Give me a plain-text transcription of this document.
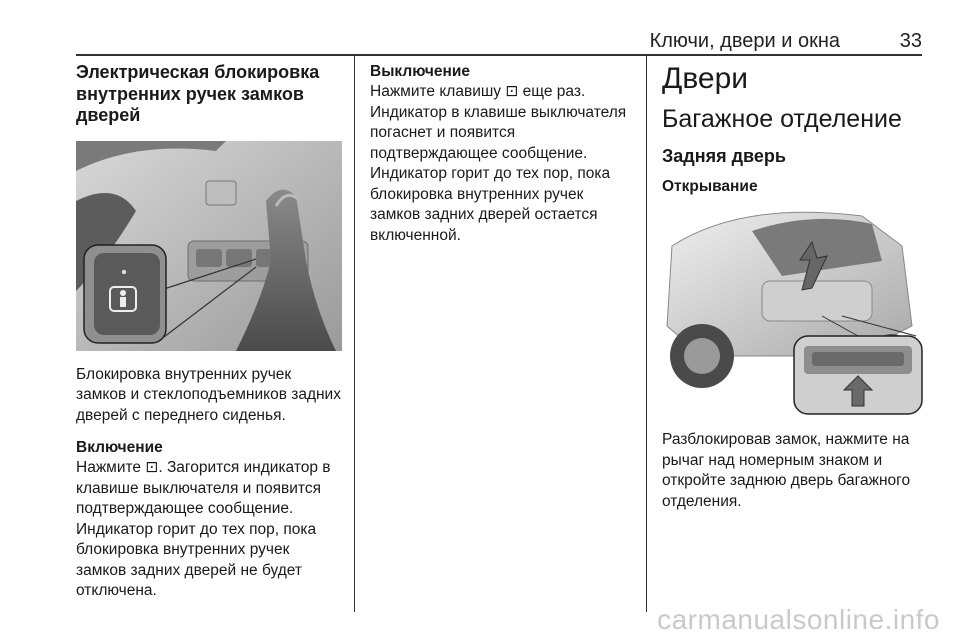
Ключи, двери и окна	33
Электрическая блокировка внутренних ручек замков дверей

Блокировка внутренних ручек замков и стеклоподъемников задних дверей с переднего сиденья.

Включение

Нажмите ⊡. Загорится индикатор в клавише выключателя и появится подтверждающее сообщение. Индикатор горит до тех пор, пока блокировка внутренних ручек замков задних дверей не будет отключена.

Выключение

Нажмите клавишу ⊡ еще раз. Индикатор в клавише выключателя погаснет и появится подтверждающее сообщение. Индикатор горит до тех пор, пока блокировка внутренних ручек замков задних дверей остается включенной.

Двери
Багажное отделение
Задняя дверь
Открывание

Разблокировав замок, нажмите на рычаг над номерным знаком и откройте заднюю дверь багажного отделения.

carmanualsonline.info
